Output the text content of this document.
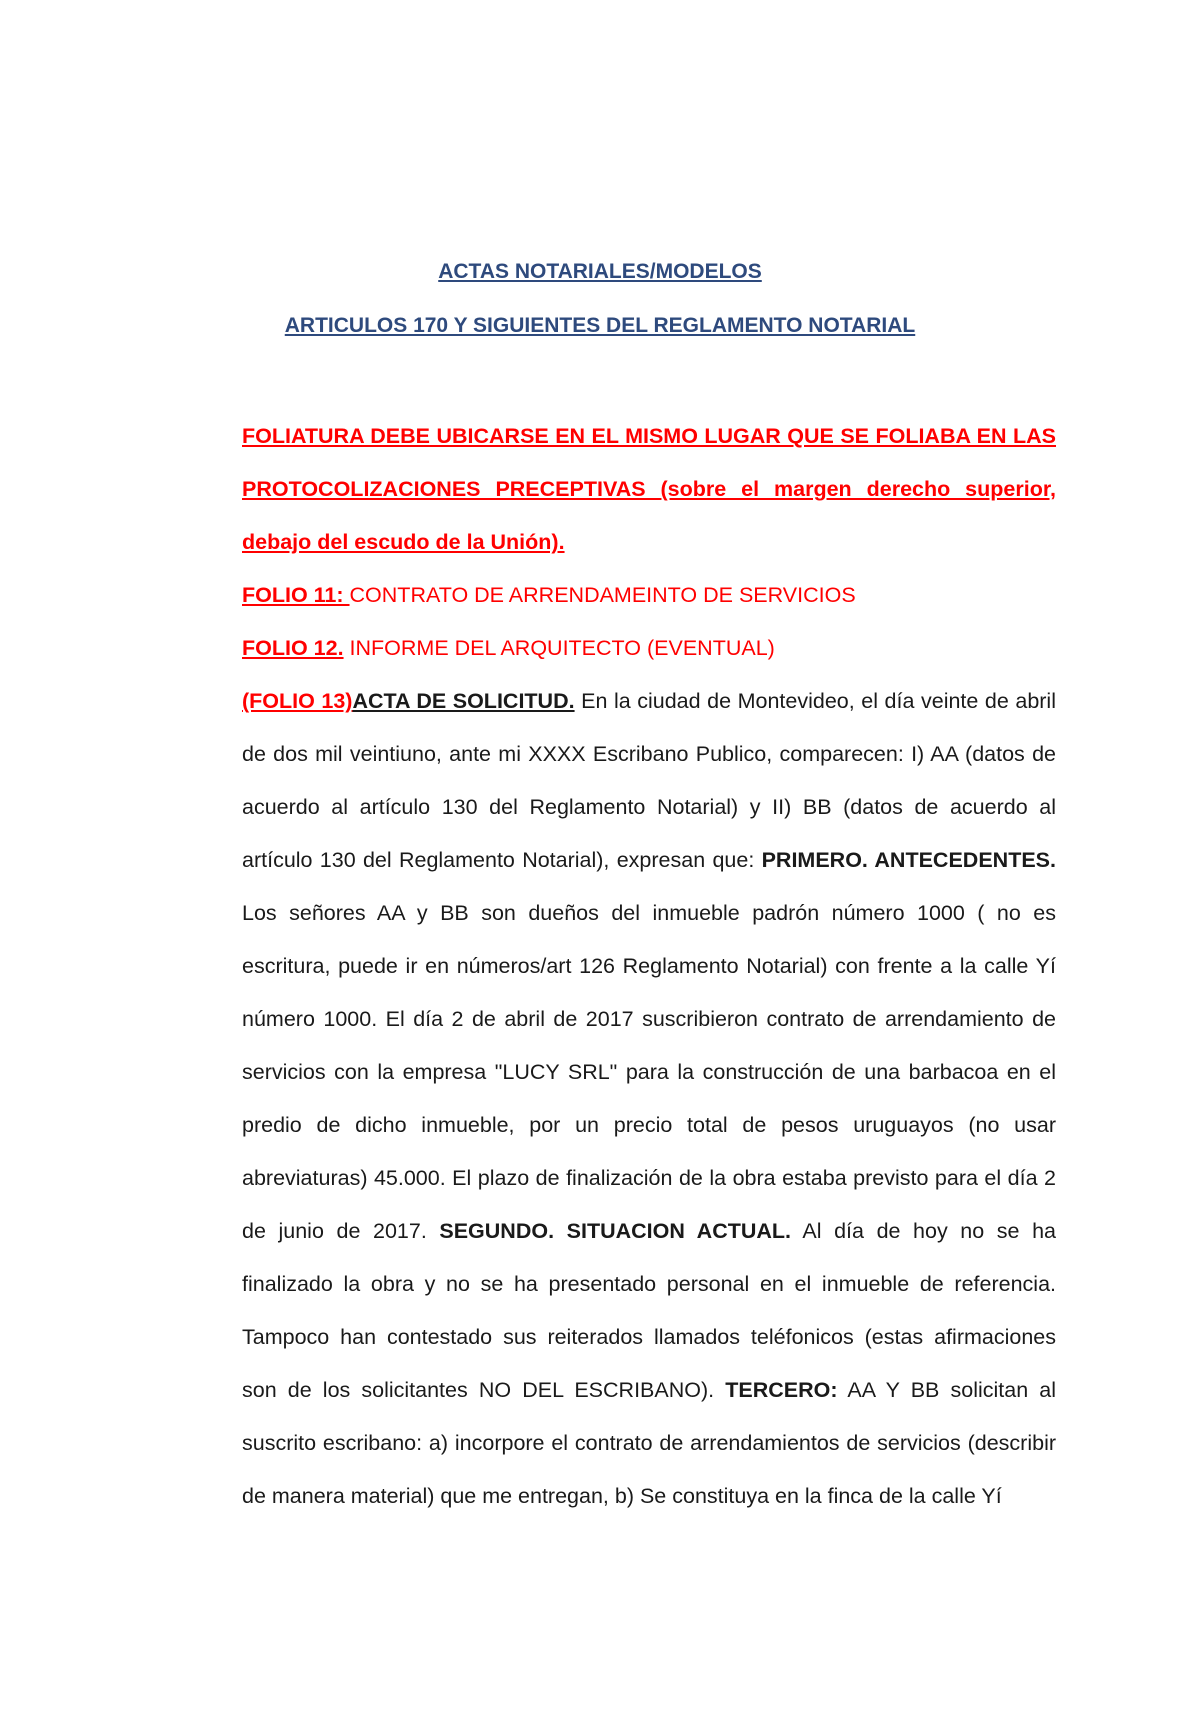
ACTAS NOTARIALES/MODELOS
ARTICULOS 170 Y SIGUIENTES DEL REGLAMENTO NOTARIAL

FOLIATURA DEBE UBICARSE EN EL MISMO LUGAR QUE SE FOLIABA EN LAS PROTOCOLIZACIONES PRECEPTIVAS (sobre el margen derecho superior, debajo del escudo de la Unión).

FOLIO 11: CONTRATO DE ARRENDAMEINTO DE SERVICIOS

FOLIO 12. INFORME DEL ARQUITECTO (EVENTUAL)

(FOLIO 13)ACTA DE SOLICITUD. En la ciudad de Montevideo, el día veinte de abril de dos mil veintiuno, ante mi XXXX Escribano Publico, comparecen: I) AA (datos de acuerdo al artículo 130 del Reglamento Notarial) y II) BB (datos de acuerdo al artículo 130 del Reglamento Notarial), expresan que: PRIMERO. ANTECEDENTES. Los señores AA y BB son dueños del inmueble padrón número 1000 ( no es escritura, puede ir en números/art 126 Reglamento Notarial) con frente a la calle Yí número 1000. El día 2 de abril de 2017 suscribieron contrato de arrendamiento de servicios con la empresa "LUCY SRL" para la construcción de una barbacoa en el predio de dicho inmueble, por un precio total de pesos uruguayos (no usar abreviaturas) 45.000. El plazo de finalización de la obra estaba previsto para el día 2 de junio de 2017. SEGUNDO. SITUACION ACTUAL. Al día de hoy no se ha finalizado la obra y no se ha presentado personal en el inmueble de referencia. Tampoco han contestado sus reiterados llamados teléfonicos (estas afirmaciones son de los solicitantes NO DEL ESCRIBANO). TERCERO: AA Y BB solicitan al suscrito escribano: a) incorpore el contrato de arrendamientos de servicios (describir de manera material) que me entregan, b) Se constituya en la finca de la calle Yí
